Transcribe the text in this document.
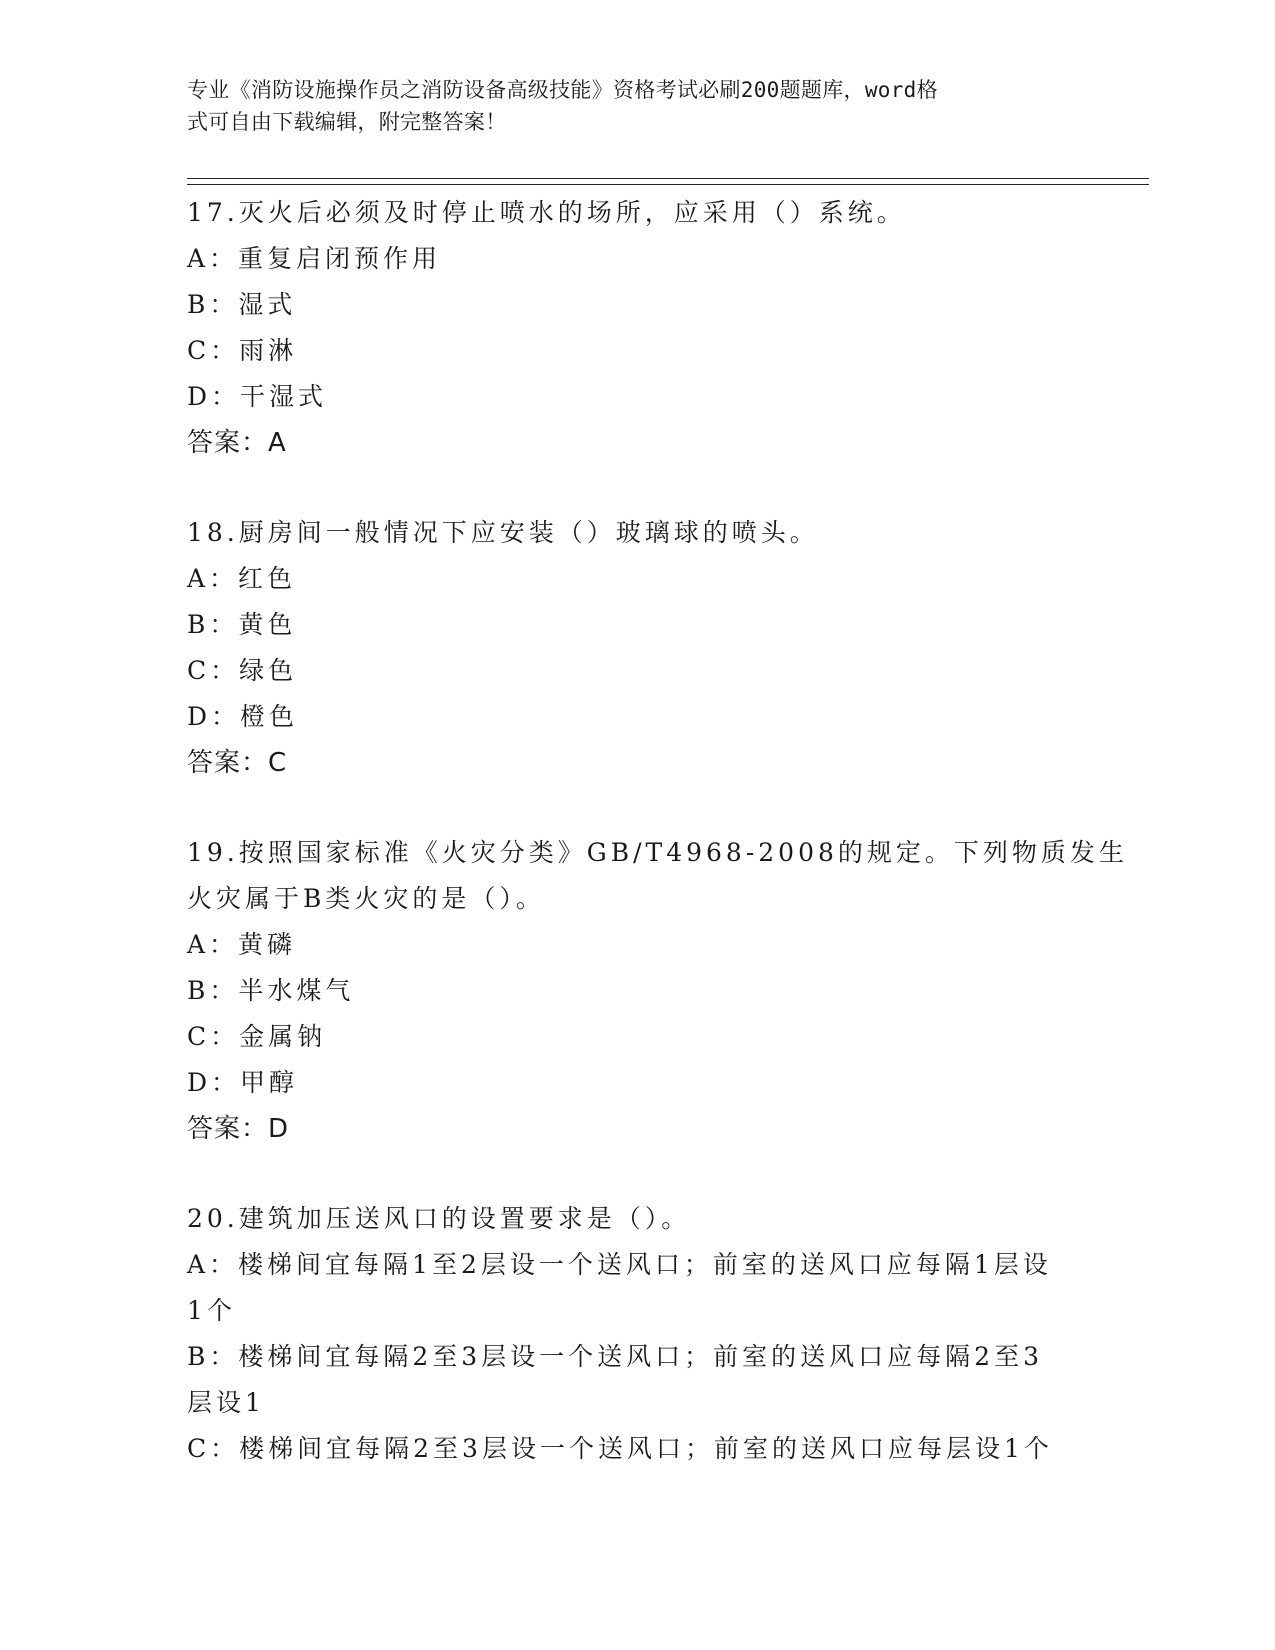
专业《消防设施操作员之消防设备高级技能》资格考试必刷200题题库，word格
式可自由下载编辑，附完整答案！
17.灭火后必须及时停止喷水的场所，应采用（）系统。
A：重复启闭预作用
B：湿式
C：雨淋
D：干湿式
答案：A
18.厨房间一般情况下应安装（）玻璃球的喷头。
A：红色
B：黄色
C：绿色
D：橙色
答案：C
19.按照国家标准《火灾分类》GB/T4968-2008的规定。下列物质发生
火灾属于B类火灾的是（）。
A：黄磷
B：半水煤气
C：金属钠
D：甲醇
答案：D
20.建筑加压送风口的设置要求是（）。
A：楼梯间宜每隔1至2层设一个送风口；前室的送风口应每隔1层设
1个
B：楼梯间宜每隔2至3层设一个送风口；前室的送风口应每隔2至3
层设1
C：楼梯间宜每隔2至3层设一个送风口；前室的送风口应每层设1个
